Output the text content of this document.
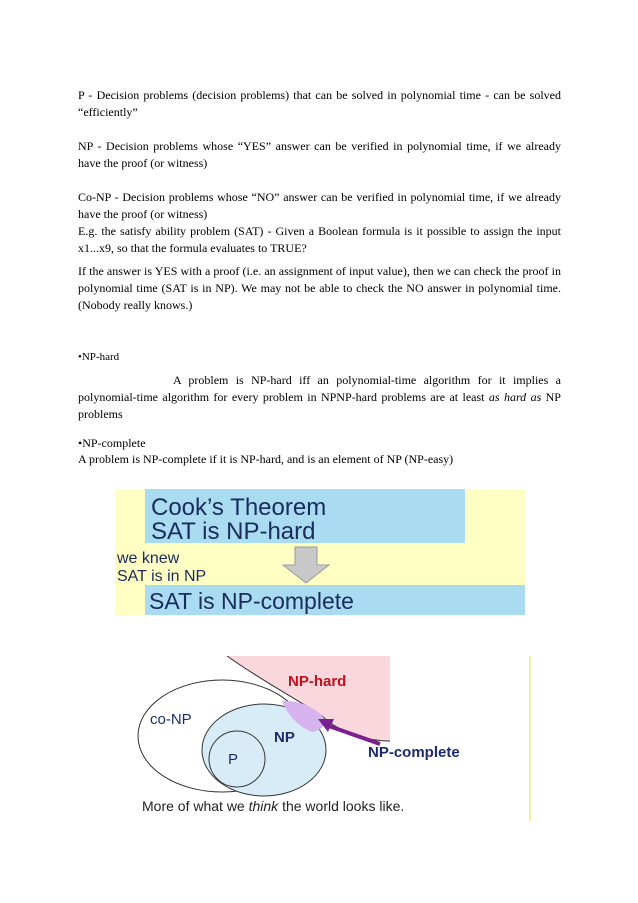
P - Decision problems (decision problems) that can be solved in polynomial time - can be solved “efficiently”
NP - Decision problems whose “YES” answer can be verified in polynomial time, if we already have the proof (or witness)
Co-NP - Decision problems whose “NO” answer can be verified in polynomial time, if we already have the proof (or witness)
E.g. the satisfy ability problem (SAT) - Given a Boolean formula is it possible to assign the input x1...x9, so that the formula evaluates to TRUE?
If the answer is YES with a proof (i.e. an assignment of input value), then we can check the proof in polynomial time (SAT is in NP). We may not be able to check the NO answer in polynomial time. (Nobody really knows.)
•NP-hard
A problem is NP-hard iff an polynomial-time algorithm for it implies a polynomial-time algorithm for every problem in NPNP-hard problems are at least as hard as NP problems
•NP-complete
A problem is NP-complete if it is NP-hard, and is an element of NP (NP-easy)
Cook’s Theorem
SAT is NP-hard
we knew
SAT is in NP
SAT is NP-complete
NP-hard
co-NP
NP
P	NP-complete
More of what we think the world looks like.
